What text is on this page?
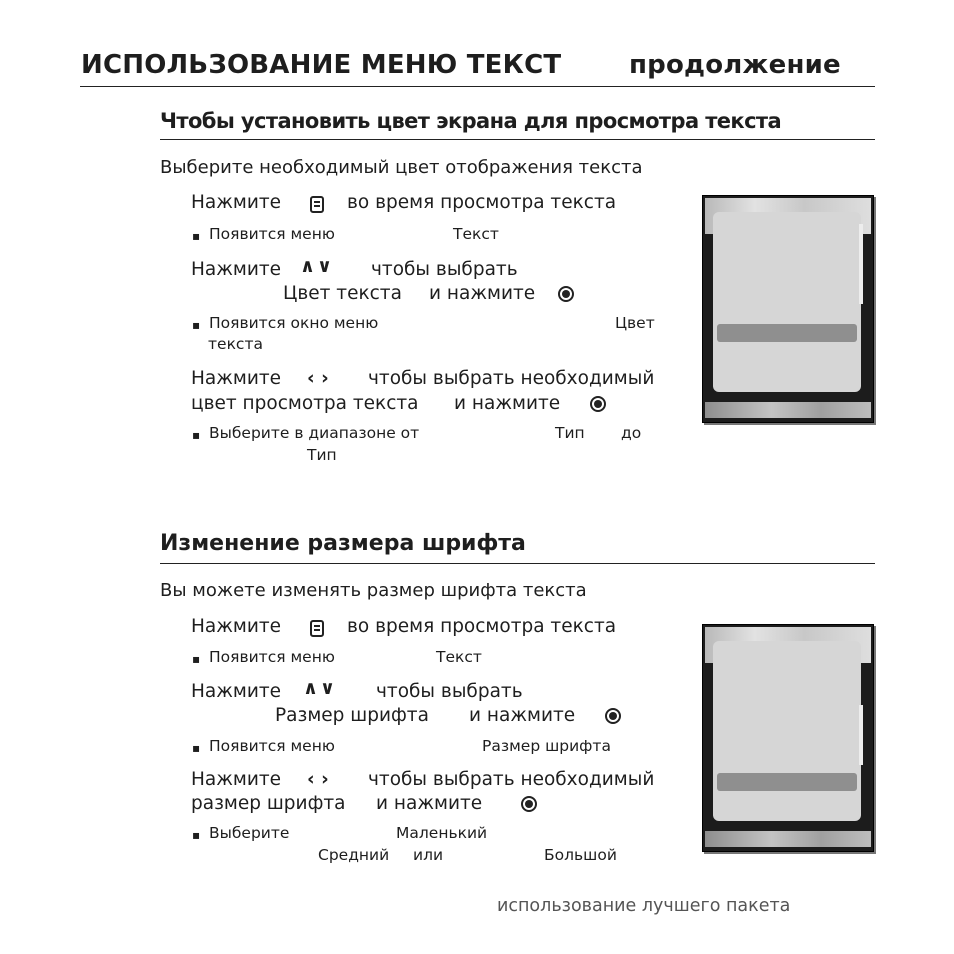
ИСПОЛЬЗОВАНИЕ МЕНЮ ТЕКСТ	продолжение
Чтобы установить цвет экрана для просмотра текста
Выберите необходимый цвет отображения текста
Нажмите	во время просмотра текста
▪ Появится меню	Текст
Нажмите ∧∨ чтобы выбрать
Цвет текста и нажмите
▪ Появится окно меню	Цвет
текста
Нажмите ‹ › чтобы выбрать необходимый
цвет просмотра текста и нажмите
▪ Выберите в диапазоне от	Тип до
Тип
Изменение размера шрифта
Вы можете изменять размер шрифта текста
Нажмите	во время просмотра текста
▪ Появится меню	Текст
Нажмите ∧∨ чтобы выбрать
Размер шрифта и нажмите
▪ Появится меню	Размер шрифта
Нажмите ‹ › чтобы выбрать необходимый
размер шрифта и нажмите
▪ Выберите	Маленький
Средний или	Большой
использование лучшего пакета
